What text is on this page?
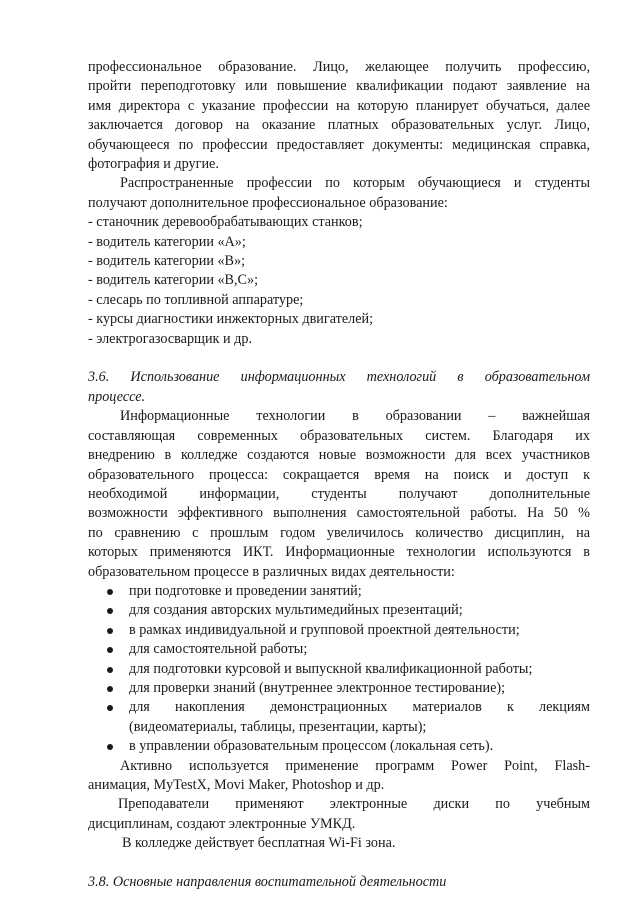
профессиональное образование. Лицо, желающее получить профессию,
пройти переподготовку или повышение квалификации подают заявление на
имя директора с указание профессии на которую планирует обучаться, далее
заключается договор на оказание платных образовательных услуг. Лицо,
обучающееся по профессии предоставляет документы: медицинская справка,
фотография и другие.
Распространенные профессии по которым обучающиеся и студенты
получают дополнительное профессиональное образование:
- станочник деревообрабатывающих станков;
- водитель категории «А»;
- водитель категории «В»;
- водитель категории «В,С»;
- слесарь по топливной аппаратуре;
- курсы диагностики инжекторных двигателей;
- электрогазосварщик и др.
3.6. Использование информационных технологий в образовательном
процессе.
Информационные технологии в образовании – важнейшая
составляющая современных образовательных систем. Благодаря их
внедрению в колледже создаются новые возможности для всех участников
образовательного процесса: сокращается время на поиск и доступ к
необходимой информации, студенты получают дополнительные
возможности эффективного выполнения самостоятельной работы. На 50 %
по сравнению с прошлым годом увеличилось количество дисциплин, на
которых применяются ИКТ. Информационные технологии используются в
образовательном процессе в различных видах деятельности:
при подготовке и проведении занятий;
для создания авторских мультимедийных презентаций;
в рамках индивидуальной и групповой проектной деятельности;
для самостоятельной работы;
для подготовки курсовой и выпускной квалификационной работы;
для проверки знаний (внутреннее электронное тестирование);
для накопления демонстрационных материалов к лекциям
(видеоматериалы, таблицы, презентации, карты);
в управлении образовательным процессом (локальная сеть).
Активно используется применение программ Power Point, Flash-
анимация, MyTestX, Movi Maker, Photoshop и др.
Преподаватели применяют электронные диски по учебным
дисциплинам, создают электронные УМКД.
В колледже действует бесплатная Wi-Fi зона.
3.8. Основные направления воспитательной деятельности
